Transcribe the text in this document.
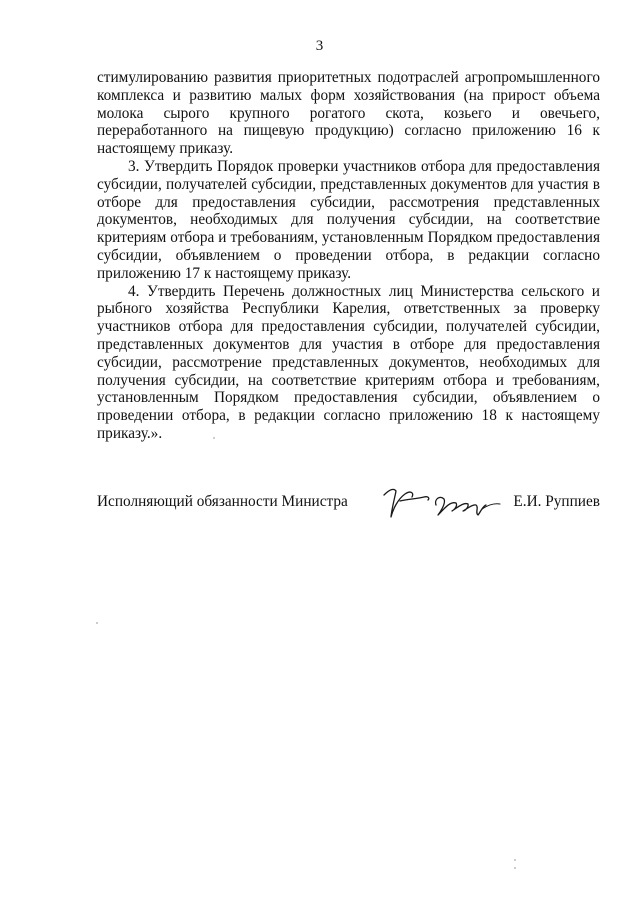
3

стимулированию развития приоритетных подотраслей агропромышленного комплекса и развитию малых форм хозяйствования (на прирост объема молока сырого крупного рогатого скота, козьего и овечьего, переработанного на пищевую продукцию) согласно приложению 16 к настоящему приказу.

3. Утвердить Порядок проверки участников отбора для предоставления субсидии, получателей субсидии, представленных документов для участия в отборе для предоставления субсидии, рассмотрения представленных документов, необходимых для получения субсидии, на соответствие критериям отбора и требованиям, установленным Порядком предоставления субсидии, объявлением о проведении отбора, в редакции согласно приложению 17 к настоящему приказу.

4. Утвердить Перечень должностных лиц Министерства сельского и рыбного хозяйства Республики Карелия, ответственных за проверку участников отбора для предоставления субсидии, получателей субсидии, представленных документов для участия в отборе для предоставления субсидии, рассмотрение представленных документов, необходимых для получения субсидии, на соответствие критериям отбора и требованиям, установленным Порядком предоставления субсидии, объявлением о проведении отбора, в редакции согласно приложению 18 к настоящему приказу.».

Исполняющий обязанности Министра	Е.И. Руппиев
